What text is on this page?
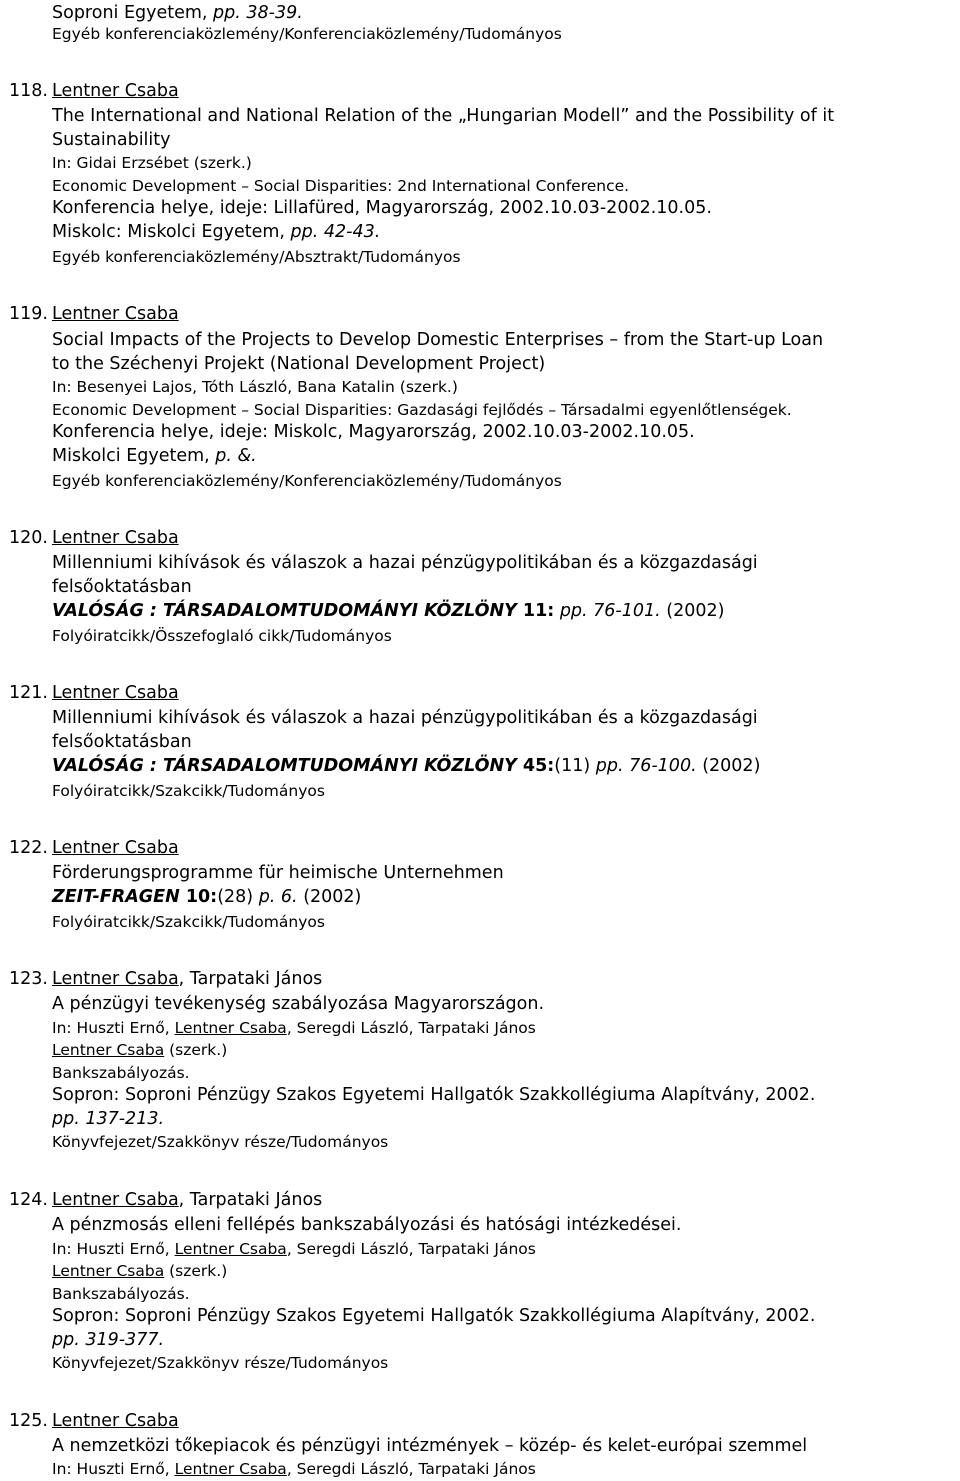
Soproni Egyetem, pp. 38-39.
Egyéb konferenciaközlemény/Konferenciaközlemény/Tudományos
118. Lentner Csaba
The International and National Relation of the „Hungarian Modell” and the Possibility of it
Sustainability
In: Gidai Erzsébet (szerk.)
Economic Development – Social Disparities: 2nd International Conference.
Konferencia helye, ideje: Lillafüred, Magyarország, 2002.10.03-2002.10.05.
Miskolc: Miskolci Egyetem, pp. 42-43.
Egyéb konferenciaközlemény/Absztrakt/Tudományos
119. Lentner Csaba
Social Impacts of the Projects to Develop Domestic Enterprises – from the Start-up Loan
to the Széchenyi Projekt (National Development Project)
In: Besenyei Lajos, Tóth László, Bana Katalin (szerk.)
Economic Development – Social Disparities: Gazdasági fejlődés – Társadalmi egyenlőtlenségek.
Konferencia helye, ideje: Miskolc, Magyarország, 2002.10.03-2002.10.05.
Miskolci Egyetem, p. &.
Egyéb konferenciaközlemény/Konferenciaközlemény/Tudományos
120. Lentner Csaba
Millenniumi kihívások és válaszok a hazai pénzügypolitikában és a közgazdasági
felsőoktatásban
VALÓSÁG : TÁRSADALOMTUDOMÁNYI KÖZLÖNY 11: pp. 76-101. (2002)
Folyóiratcikk/Összefoglaló cikk/Tudományos
121. Lentner Csaba
Millenniumi kihívások és válaszok a hazai pénzügypolitikában és a közgazdasági
felsőoktatásban
VALÓSÁG : TÁRSADALOMTUDOMÁNYI KÖZLÖNY 45:(11) pp. 76-100. (2002)
Folyóiratcikk/Szakcikk/Tudományos
122. Lentner Csaba
Förderungsprogramme für heimische Unternehmen
ZEIT-FRAGEN 10:(28) p. 6. (2002)
Folyóiratcikk/Szakcikk/Tudományos
123. Lentner Csaba, Tarpataki János
A pénzügyi tevékenység szabályozása Magyarországon.
In: Huszti Ernő, Lentner Csaba, Seregdi László, Tarpataki János
Lentner Csaba (szerk.)
Bankszabályozás.
Sopron: Soproni Pénzügy Szakos Egyetemi Hallgatók Szakkollégiuma Alapítvány, 2002.
pp. 137-213.
Könyvfejezet/Szakkönyv része/Tudományos
124. Lentner Csaba, Tarpataki János
A pénzmosás elleni fellépés bankszabályozási és hatósági intézkedései.
In: Huszti Ernő, Lentner Csaba, Seregdi László, Tarpataki János
Lentner Csaba (szerk.)
Bankszabályozás.
Sopron: Soproni Pénzügy Szakos Egyetemi Hallgatók Szakkollégiuma Alapítvány, 2002.
pp. 319-377.
Könyvfejezet/Szakkönyv része/Tudományos
125. Lentner Csaba
A nemzetközi tőkepiacok és pénzügyi intézmények – közép- és kelet-európai szemmel
In: Huszti Ernő, Lentner Csaba, Seregdi László, Tarpataki János
